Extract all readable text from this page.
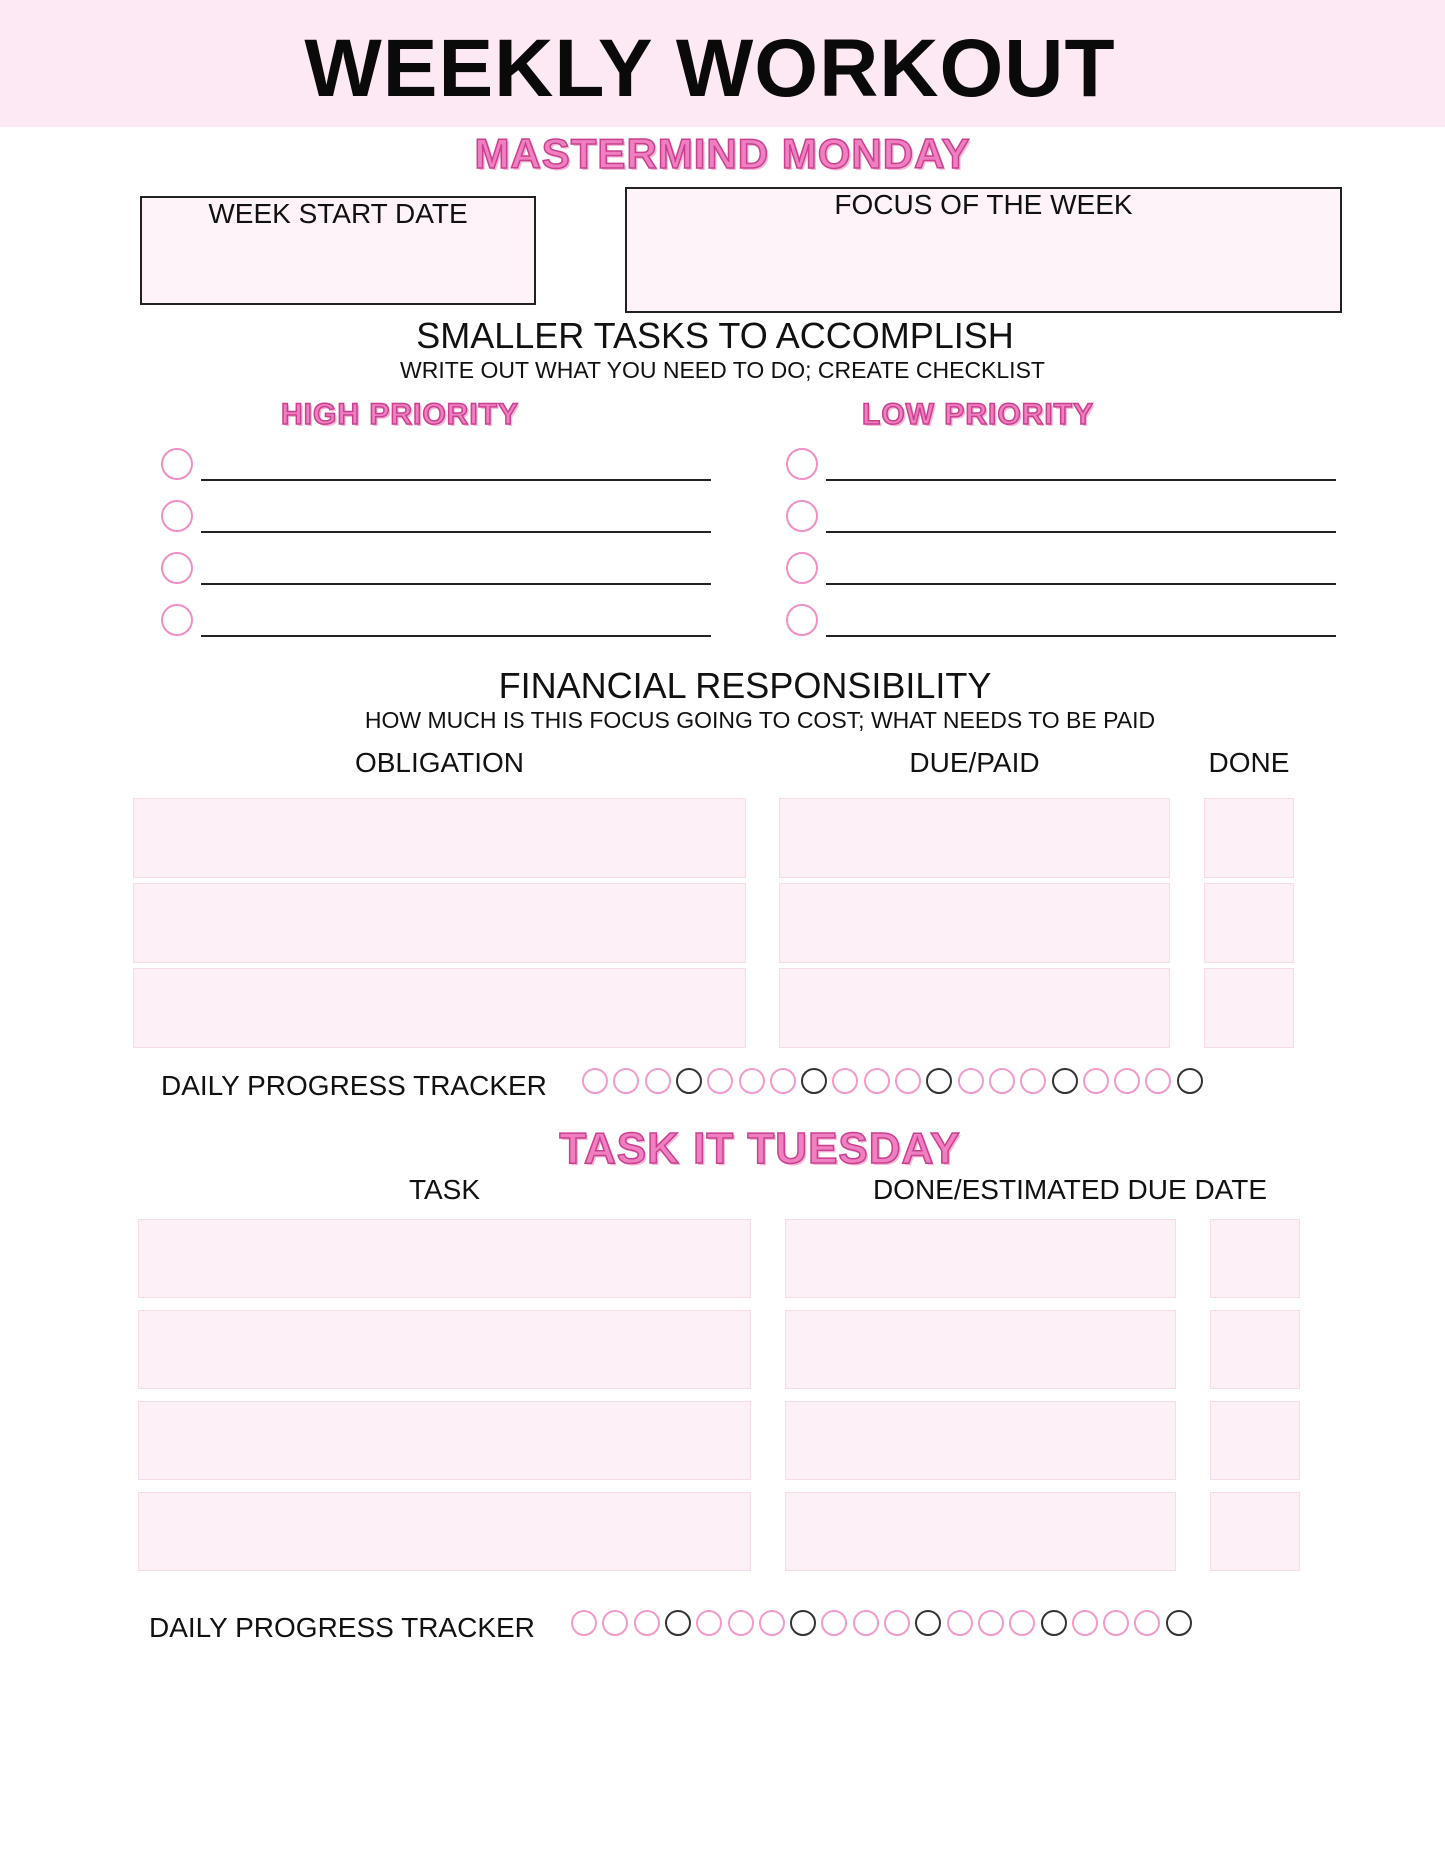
WEEKLY WORKOUT
MASTERMIND MONDAY
WEEK START DATE	FOCUS OF THE WEEK
SMALLER TASKS TO ACCOMPLISH
WRITE OUT WHAT YOU NEED TO DO; CREATE CHECKLIST
HIGH PRIORITY	LOW PRIORITY
FINANCIAL RESPONSIBILITY
HOW MUCH IS THIS FOCUS GOING TO COST; WHAT NEEDS TO BE PAID
OBLIGATION	DUE/PAID	DONE
DAILY PROGRESS TRACKER
TASK IT TUESDAY
TASK	DONE/ESTIMATED DUE DATE
DAILY PROGRESS TRACKER
